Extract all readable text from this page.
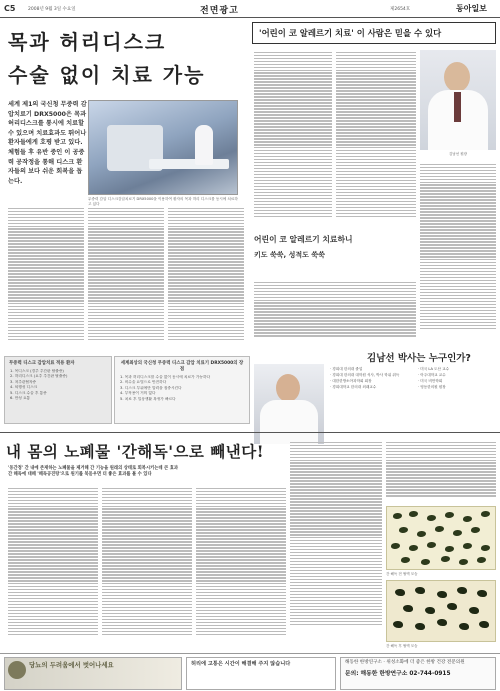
C5	2008년 9월 3일 수요일	전면광고	제2654호	동아일보
목과 허리디스크
수술 없이 치료 가능
세계 제1의 국신청 무중력 감압치료기 DRX5000은 목과 허리디스크를 통시에 치료할 수 있으며 치료효과도 뛰어나 환자들에게 호평 받고 있다. 체험들 후 유반 중인 이 공중력 공작정을 통해 디스크 환자들의 보다 쉬운 회복을 돕는다.
무중력 감압 디스크감압치료기 DRX5000을 이용하여 환자의 목과 허리 디스크를 동시에 치료하고 있다
'어린이 코 알레르기 치료' 이 사람은 믿을 수 있다
김남선 원장
어린이 코 알레르기 치료하니
키도 쑥쑥, 성적도 쑥쑥
김남선 박사는 누구인가?
· 경희대 한의대 졸업
· 경희대 한의대 대학원 석사, 박사 학위 취득
· 대한한방소아과학회 회장
· 경희대학교 한의대 외래교수
· 미국 LA 도산 교수
· 아주대학교 교수
· 미국 비만학회
· 영동한의원 원장
무중력 디스크 감압치료 적용 환자
1. 목디스크 (경추 추간판 탈출증)
2. 허리디스크 (요추 추간판 탈출증)
3. 척추관협착증
4. 퇴행성 디스크
5. 디스크 수술 후 통증
6. 만성 요통
세계최상의 국신청 무중력 디스크 감압 치료기 DRX5000의 장점
1. 목과 허리디스크를 수술 없이 동시에 치료가 가능하다
2. 비수술 요법으로 안전하다
3. 디스크 부위에만 압력을 집중시킨다
4. 부작용이 거의 없다
5. 치료 후 일상생활 복귀가 빠르다
내 몸의 노폐물 '간해독'으로 빼낸다!
'동간정' 간 내에 존재하는 노폐물을 제거해 간 기능을 원래의 상태로 회복시키는데 큰 효과
간 해독에 대해 '해독공진탕'으로 원기를 북돋우면 더 좋은 효과를 볼 수 있다
간 해독 전 혈액 모습
간 해독 후 혈액 모습
당뇨의 두려움에서 벗어나세요	허리에 고통은 시간이 해결해 주지 않습니다	해동한 한방연구소 · 위성소화에 더 좋은 한방 건강 전문의원
문의: 해동한 한방연구소 02-744-0915
